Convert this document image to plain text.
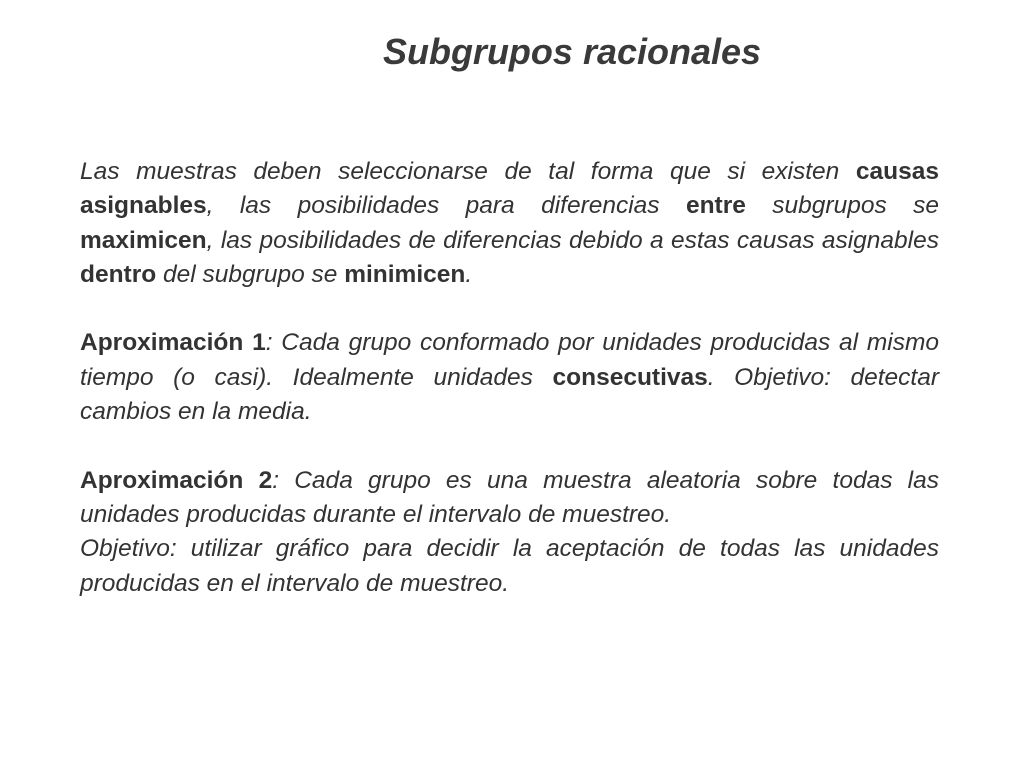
Subgrupos racionales

Las muestras deben seleccionarse de tal forma que si existen causas asignables, las posibilidades para diferencias entre subgrupos se maximicen, las posibilidades de diferencias debido a estas causas asignables dentro del subgrupo se minimicen.

Aproximación 1: Cada grupo conformado por unidades producidas al mismo tiempo (o casi). Idealmente unidades consecutivas. Objetivo: detectar cambios en la media.

Aproximación 2: Cada grupo es una muestra aleatoria sobre todas las unidades producidas durante el intervalo de muestreo.

Objetivo: utilizar gráfico para decidir la aceptación de todas las unidades producidas en el intervalo de muestreo.
